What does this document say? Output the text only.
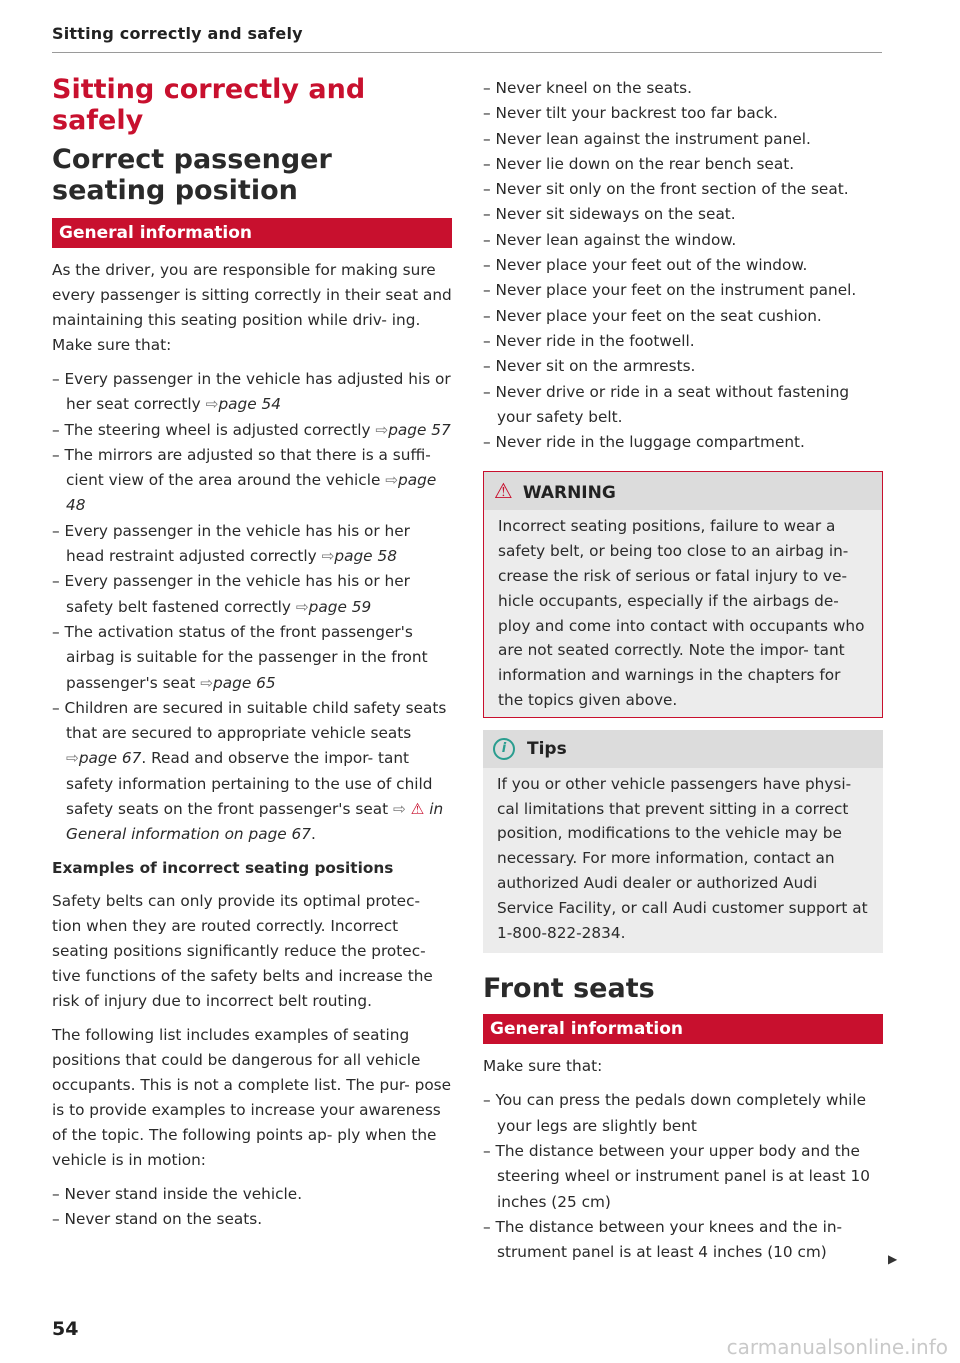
Sitting correctly and safely
Sitting correctly and safely
Correct passenger seating position
General information

As the driver, you are responsible for making sure every passenger is sitting correctly in their seat and maintaining this seating position while driv- ing. Make sure that:

– Every passenger in the vehicle has adjusted his or her seat correctly ⇨page 54
– The steering wheel is adjusted correctly ⇨page 57
– The mirrors are adjusted so that there is a suffi- cient view of the area around the vehicle ⇨page 48
– Every passenger in the vehicle has his or her head restraint adjusted correctly ⇨page 58
– Every passenger in the vehicle has his or her safety belt fastened correctly ⇨page 59
– The activation status of the front passenger's airbag is suitable for the passenger in the front passenger's seat ⇨page 65
– Children are secured in suitable child safety seats that are secured to appropriate vehicle seats ⇨page 67. Read and observe the impor- tant safety information pertaining to the use of child safety seats on the front passenger's seat ⇨ ⚠ in General information on page 67.
Examples of incorrect seating positions

Safety belts can only provide its optimal protec- tion when they are routed correctly. Incorrect seating positions significantly reduce the protec- tive functions of the safety belts and increase the risk of injury due to incorrect belt routing.

The following list includes examples of seating positions that could be dangerous for all vehicle occupants. This is not a complete list. The pur- pose is to provide examples to increase your awareness of the topic. The following points ap- ply when the vehicle is in motion:

– Never stand inside the vehicle.
– Never stand on the seats.
– Never kneel on the seats.
– Never tilt your backrest too far back.
– Never lean against the instrument panel.
– Never lie down on the rear bench seat.
– Never sit only on the front section of the seat.
– Never sit sideways on the seat.
– Never lean against the window.
– Never place your feet out of the window.
– Never place your feet on the instrument panel.
– Never place your feet on the seat cushion.
– Never ride in the footwell.
– Never sit on the armrests.
– Never drive or ride in a seat without fastening your safety belt.
– Never ride in the luggage compartment.
⚠ WARNING
Incorrect seating positions, failure to wear a safety belt, or being too close to an airbag in- crease the risk of serious or fatal injury to ve- hicle occupants, especially if the airbags de- ploy and come into contact with occupants who are not seated correctly. Note the impor- tant information and warnings in the chapters for the topics given above.
i Tips
If you or other vehicle passengers have physi- cal limitations that prevent sitting in a correct position, modifications to the vehicle may be necessary. For more information, contact an authorized Audi dealer or authorized Audi Service Facility, or call Audi customer support at 1-800-822-2834.
Front seats
General information

Make sure that:

– You can press the pedals down completely while your legs are slightly bent
– The distance between your upper body and the steering wheel or instrument panel is at least 10 inches (25 cm)
– The distance between your knees and the in- strument panel is at least 4 inches (10 cm)	▶
54
carmanualsonline.info
